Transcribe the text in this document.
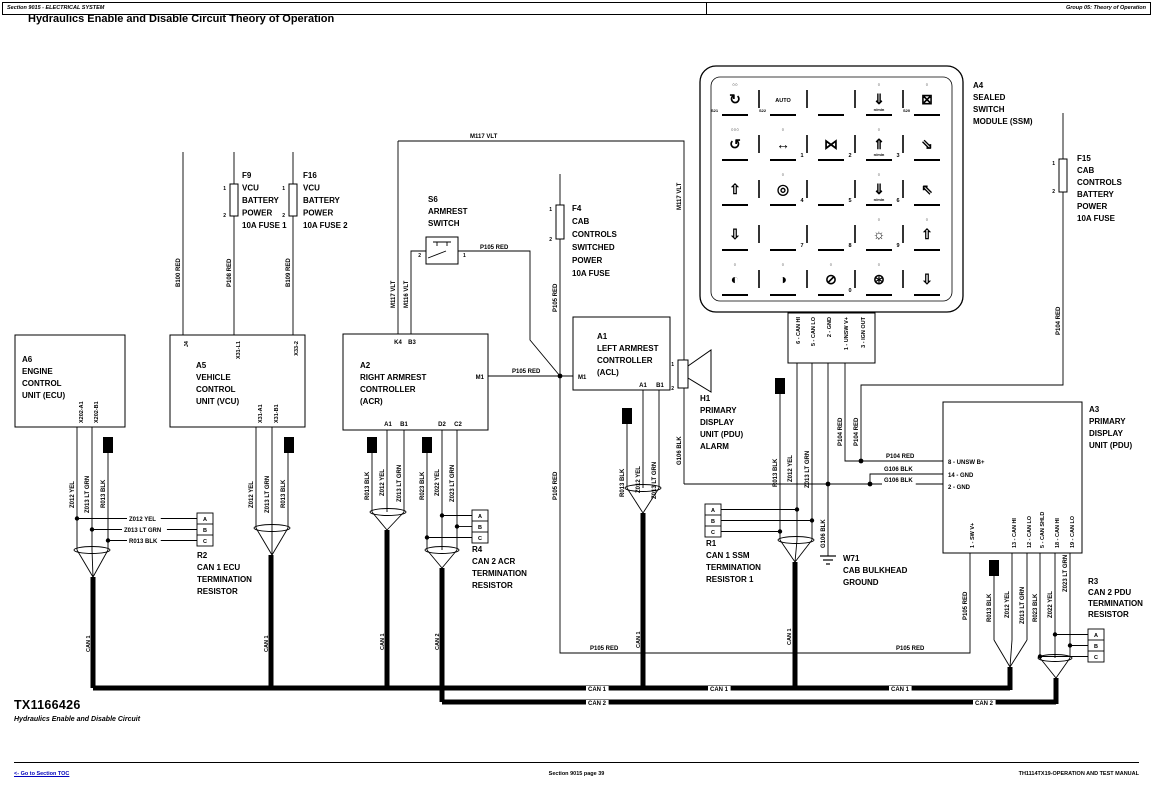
Section 9015 - ELECTRICAL SYSTEM	Group 05: Theory of Operation
Hydraulics Enable and Disable Circuit Theory of Operation
↻
○○
S21
AUTO
S22
⇓
n/min
○
⊠
○
S20
↺
○○○
↔
○
1
⋈
2
⇑
n/min
○
3
⇘
⇧	◎
○
4	5
⇓
n/min
○
6
⇖
⇩
7	8
☼
○
9
⇧
○
◐
○
◑
○
⊘
○
0
⊛
○
⇩
A6
ENGINE
CONTROL
UNIT (ECU)
A5
VEHICLE
CONTROL
UNIT (VCU)
A2
RIGHT ARMREST
CONTROLLER
(ACR)
A1
LEFT ARMREST
CONTROLLER
(ACL)
A4
SEALED
SWITCH
MODULE (SSM)
A3
PRIMARY
DISPLAY
UNIT (PDU)
H1
PRIMARY
DISPLAY
UNIT (PDU)
ALARM
W71
CAB BULKHEAD
GROUND
S6
ARMREST
SWITCH
F9
VCU
BATTERY
POWER
10A FUSE 1
F16
VCU
BATTERY
POWER
10A FUSE 2
F4
CAB
CONTROLS
SWITCHED
POWER
10A FUSE
F15
CAB
CONTROLS
BATTERY
POWER
10A FUSE
R1
CAN 1 SSM
TERMINATION
RESISTOR 1
R2
CAN 1 ECU
TERMINATION
RESISTOR
R3
CAN 2 PDU
TERMINATION
RESISTOR
R4
CAN 2 ACR
TERMINATION
RESISTOR
A
B
C
A
B
C
A
B
C
A
B
C
X202-A1 X202-B1
J4	X31-L1	X33-2
X31-A1 X31-B1
K4 B3
M1	M1
A1 B1	D2 C2
A1 B1
1
2
1
2
1
2
1
2
2	1
1
2
6 - CAN HI 5 - CAN LO 2 - GND 1 - UNSW V+ 3 - IGN OUT
8 - UNSW B+
14 - GND
2 - GND
1 - SW V+	13 - CAN HI 12 - CAN LO 5 - CAN SHLD 18 - CAN HI 19 - CAN LO
B100 RED	P108 RED	B109 RED
M117 VLT M116 VLT
M117 VLT
M117 VLT
P105 RED
P105 RED
P105 RED
P105 RED
P105 RED	P105 RED
G106 BLK
Z012 YEL Z013 LT GRN R013 BLK
Z012 YEL
Z013 LT GRN
R013 BLK
Z012 YEL Z013 LT GRN R013 BLK	R013 BLK Z012 YEL Z013 LT GRN	R023 BLK Z022 YEL Z023 LT GRN	R013 BLK Z012 YEL Z013 LT GRN	R013 BLK Z012 YEL Z013 LT GRN
G106 BLK
P104 RED P104 RED
P104 RED
P104 RED
G106 BLK
G106 BLK
P105 RED	R013 BLK Z012 YEL Z013 LT GRN R023 BLK Z022 YEL
Z023 LT GRN
CAN 1	CAN 1	CAN 1	CAN 2	CAN 1	CAN 1
CAN 1	CAN 1	CAN 1
CAN 2	CAN 2
TX1166426
Hydraulics Enable and Disable Circuit
<- Go to Section TOC	Section 9015 page 39	TH1114TX19-OPERATION AND TEST MANUAL
